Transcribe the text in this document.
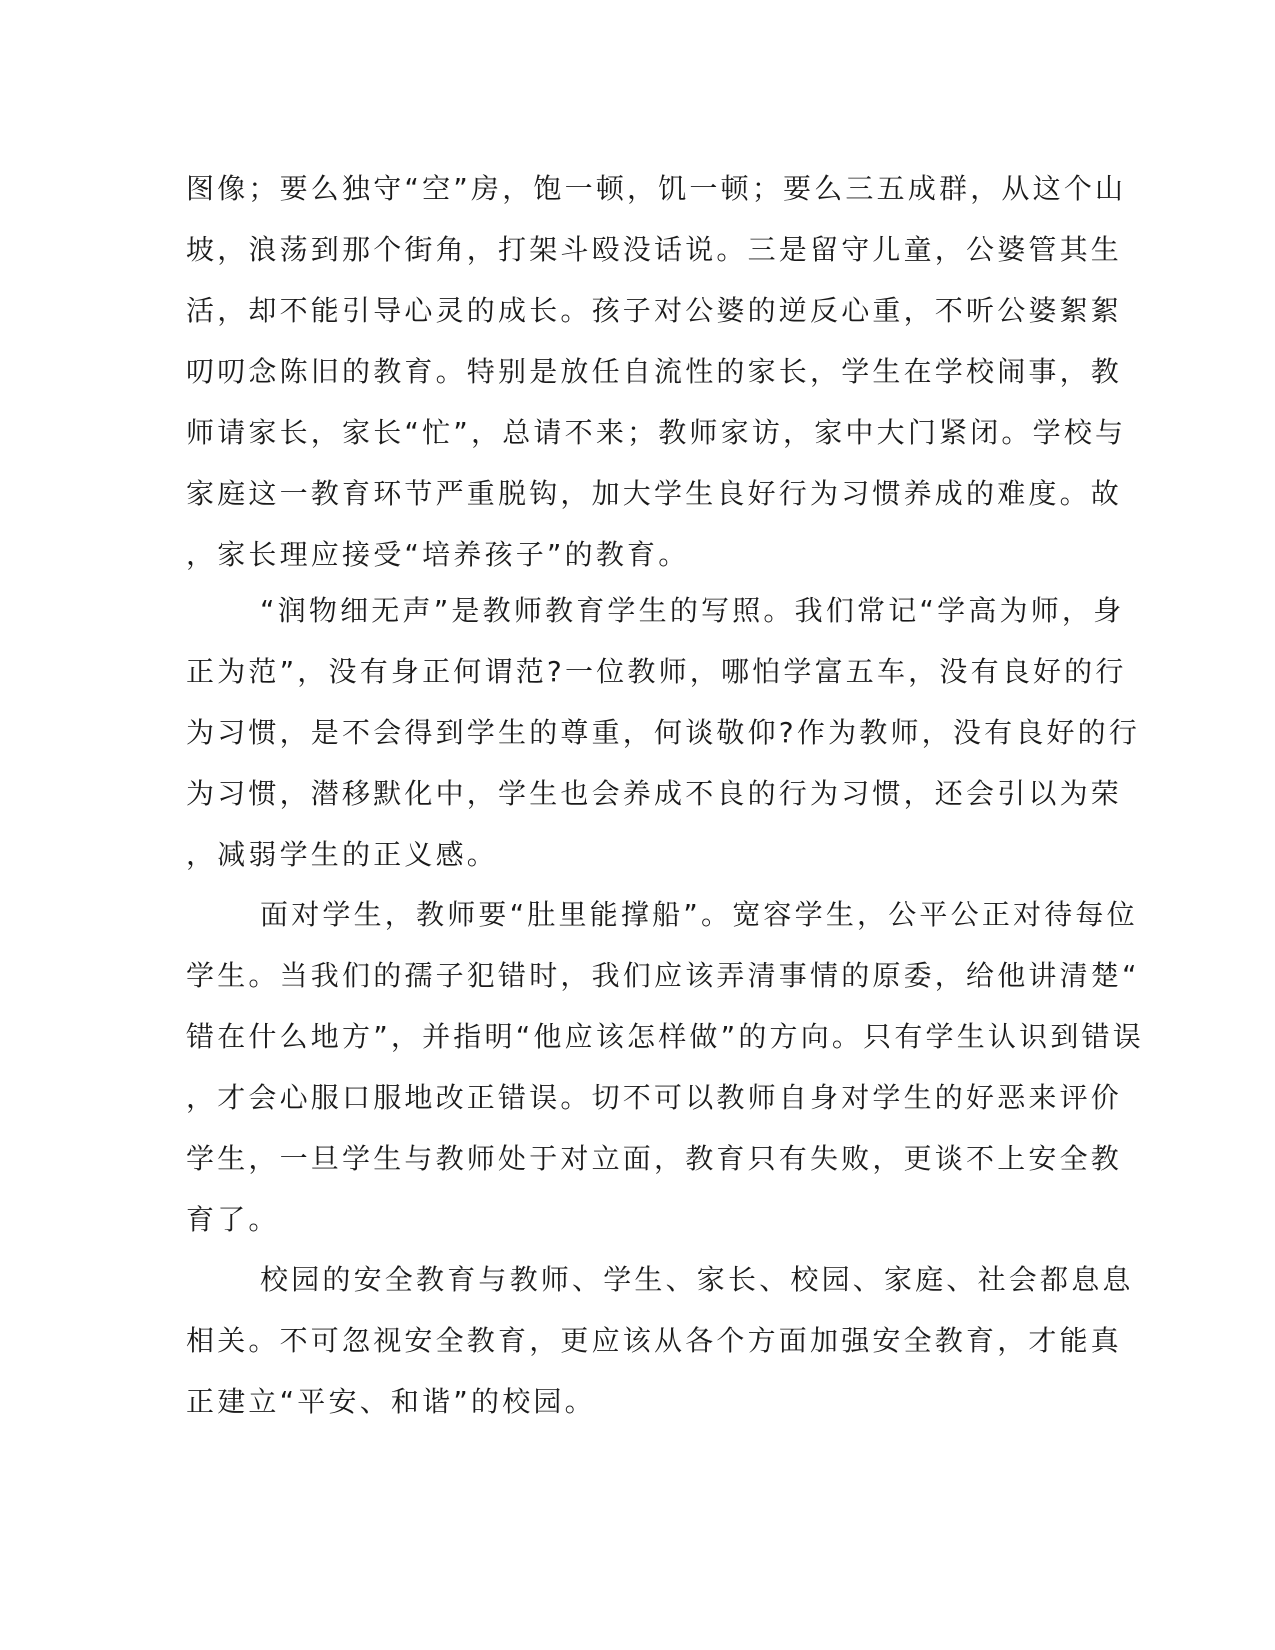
图像；要么独守“空”房，饱一顿，饥一顿；要么三五成群，从这个山
坡，浪荡到那个街角，打架斗殴没话说。三是留守儿童，公婆管其生
活，却不能引导心灵的成长。孩子对公婆的逆反心重，不听公婆絮絮
叨叨念陈旧的教育。特别是放任自流性的家长，学生在学校闹事，教
师请家长，家长“忙”，总请不来；教师家访，家中大门紧闭。学校与
家庭这一教育环节严重脱钩，加大学生良好行为习惯养成的难度。故
，家长理应接受“培养孩子”的教育。
“润物细无声”是教师教育学生的写照。我们常记“学高为师，身
正为范”，没有身正何谓范?一位教师，哪怕学富五车，没有良好的行
为习惯，是不会得到学生的尊重，何谈敬仰?作为教师，没有良好的行
为习惯，潜移默化中，学生也会养成不良的行为习惯，还会引以为荣
，减弱学生的正义感。
面对学生，教师要“肚里能撑船”。宽容学生，公平公正对待每位
学生。当我们的孺子犯错时，我们应该弄清事情的原委，给他讲清楚“
错在什么地方”，并指明“他应该怎样做”的方向。只有学生认识到错误
，才会心服口服地改正错误。切不可以教师自身对学生的好恶来评价
学生，一旦学生与教师处于对立面，教育只有失败，更谈不上安全教
育了。
校园的安全教育与教师、学生、家长、校园、家庭、社会都息息
相关。不可忽视安全教育，更应该从各个方面加强安全教育，才能真
正建立“平安、和谐”的校园。
